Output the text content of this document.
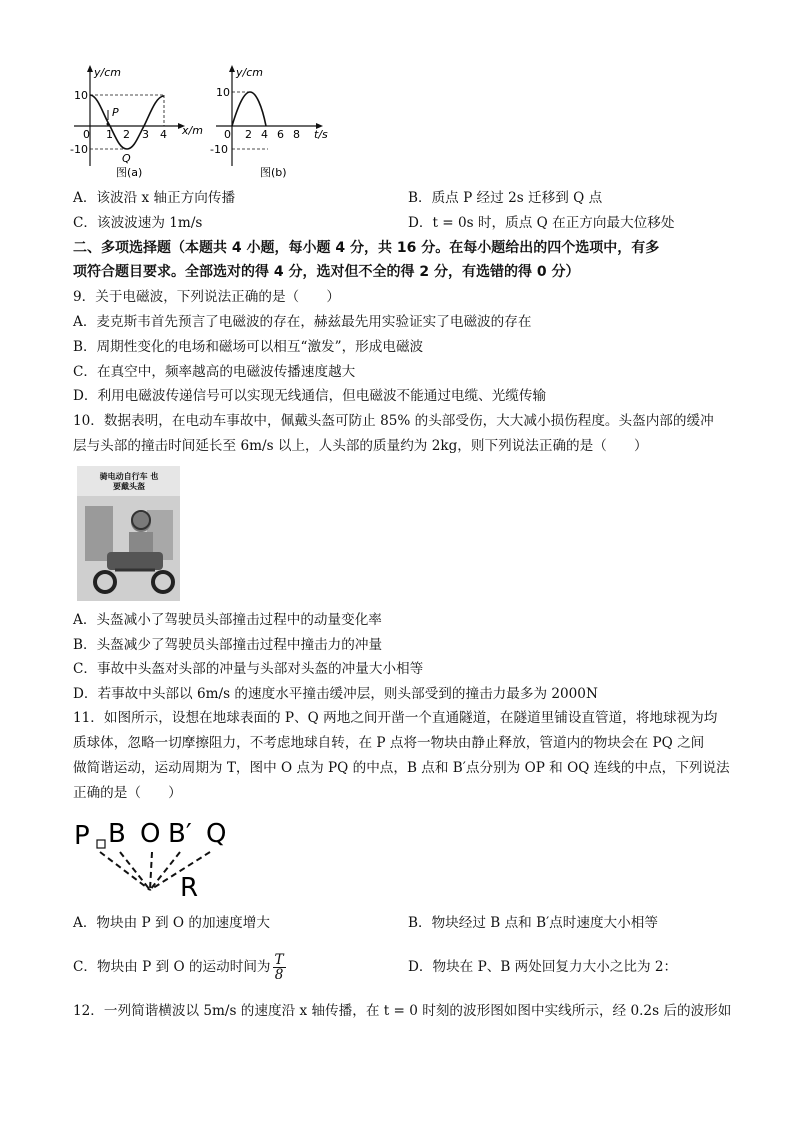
y/cm
x/m
10
-10
0 1 2 3 4
P
Q
图(a)
y/cm
t/s
10
-10
0 2 4 6 8
图(b)
A．该波沿 x 轴正方向传播	B．质点 P 经过 2s 迁移到 Q 点
C．该波波速为 1m/s	D．t = 0s 时，质点 Q 在正方向最大位移处
二、多项选择题（本题共 4 小题，每小题 4 分，共 16 分。在每小题给出的四个选项中，有多
项符合题目要求。全部选对的得 4 分，选对但不全的得 2 分，有选错的得 0 分）
9．关于电磁波，下列说法正确的是（　　）
A．麦克斯韦首先预言了电磁波的存在，赫兹最先用实验证实了电磁波的存在
B．周期性变化的电场和磁场可以相互“激发”，形成电磁波
C．在真空中，频率越高的电磁波传播速度越大
D．利用电磁波传递信号可以实现无线通信，但电磁波不能通过电缆、光缆传输
10．数据表明，在电动车事故中，佩戴头盔可防止 85% 的头部受伤，大大减小损伤程度。头盔内部的缓冲
层与头部的撞击时间延长至 6m/s 以上，人头部的质量约为 2kg，则下列说法正确的是（　　）
骑电动自行车 也要戴头盔
A．头盔减小了驾驶员头部撞击过程中的动量变化率
B．头盔减少了驾驶员头部撞击过程中撞击力的冲量
C．事故中头盔对头部的冲量与头部对头盔的冲量大小相等
D．若事故中头部以 6m/s 的速度水平撞击缓冲层，则头部受到的撞击力最多为 2000N
11．如图所示，设想在地球表面的 P、Q 两地之间开凿一个直通隧道，在隧道里铺设直管道，将地球视为均
质球体，忽略一切摩擦阻力，不考虑地球自转，在 P 点将一物块由静止释放，管道内的物块会在 PQ 之间
做简谐运动，运动周期为 T，图中 O 点为 PQ 的中点，B 点和 B′点分别为 OP 和 OQ 连线的中点，下列说法
正确的是（　　）
P B O B′ Q
R
A．物块由 P 到 O 的加速度增大	B．物块经过 B 点和 B′点时速度大小相等
C．物块由 P 到 O 的运动时间为 $\frac{T}{8}$	D．物块在 P、B 两处回复力大小之比为 2：
12．一列简谐横波以 5m/s 的速度沿 x 轴传播，在 t = 0 时刻的波形图如图中实线所示，经 0.2s 后的波形如
